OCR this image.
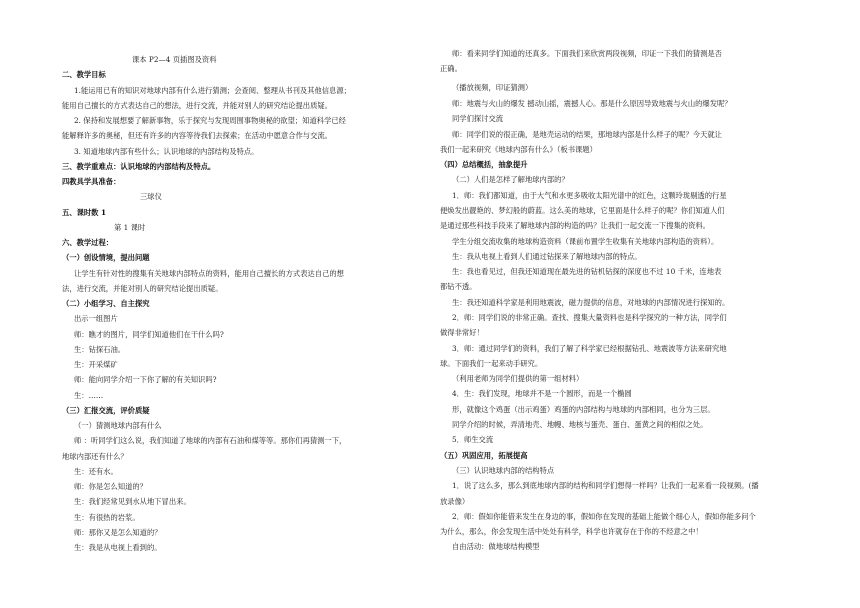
课本 P2—4 页插图及资料
二、教学目标
1.能运用已有的知识对地球内部有什么进行猜测；会查阅、整理从书刊及其他信息源；
能用自己擅长的方式表达自己的想法，进行交流，并能对别人的研究结论提出质疑。
2. 保持和发展想要了解新事物，乐于探究与发现周围事物奥秘的欲望；知道科学已经
能解释许多的奥秘，但还有许多的内容等待我们去探索；在活动中愿意合作与交流。
3. 知道地球内部有些什么；认识地球的内部结构及特点。
三、教学重难点：认识地球的内部结构及特点。
四教具学具准备：
三球仪
五、课时数 1
第 1 课时
六、教学过程：
（一）创设情境，提出问题
让学生有针对性的搜集有关地球内部特点的资料，能用自己擅长的方式表达自己的想
法，进行交流，并能对别人的研究结论提出质疑。
（二）小组学习、自主探究
出示一组图片
师：瞧才的图片，同学们知道他们在干什么吗?
生：钻探石油。
生：开采煤矿
师：能向同学介绍一下你了解的有关知识吗?
生：……
（三）汇报交流，评价质疑
（一）猜测地球内部有什么
师 ：听同学们这么说，我们知道了地球的内部有石油和煤等等。那你们再猜测一下，
地球内部还有什么？
生：还有水。
师：你是怎么知道的？
生：我们经常见到水从地下冒出来。
生：有很热的岩浆。
师：那你又是怎么知道的？
生：我是从电视上看到的。
师：看来同学们知道的还真多。下面我们来欣赏两段视频，印证一下我们的猜测是否
正确。
（播放视频，印证猜测）
师：地震与火山的爆发 撼动山摇，震撼人心。那是什么原因导致地震与火山的爆发呢？
同学们探讨交流
师：同学们说的很正确，是地壳运动的结果，那地球内部是什么样子的呢？今天就让
我们一起来研究《地球内部有什么》（板书课题）
（四）总结概括，抽象提升
（二）人们是怎样了解地球内部的？
1．师：我们都知道，由于大气和水更多吸收太阳光谱中的红色，这颗玲珑剔透的行星
便焕发出靓艳的、梦幻般的蔚蓝。这么美的地球，它里面是什么样子的呢？你们知道人们
是通过那些科技手段来了解地球内部的构造的吗？让我们一起交流一下搜集的资料。
学生分组交流收集的地球构造资料（课前布置学生收集有关地球内部构造的资料）。
生：我从电视上看到人们通过钻探来了解地球内部的特点。
生：我也看见过，但我还知道现在最先进的钻机钻探的深度也不过 10 千米，连地表
都钻不透。
生：我还知道科学家是利用地震波，磁力提供的信息，对地球的内部情况进行探知的。
2．师：同学们说的非常正确。查找、搜集大量资料也是科学探究的一种方法，同学们
做得非常好！
3．师：通过同学们的资料，我们了解了科学家已经根据钻孔、地震波等方法来研究地
球。下面我们一起来动手研究。
（利用老师为同学们提供的第一组材料）
4．生：我们发现，地球并不是一个圆形，而是一个椭圆
形，就像这个鸡蛋（出示鸡蛋）鸡蛋的内部结构与地球的内部相同，也分为三层。
同学介绍的时候，弄清地壳、地幔、地核与蛋壳、蛋白、蛋黄之间的相似之处。
5．师生交流
（五）巩固应用，拓展提高
（三）认识地球内部的结构特点
1．说了这么多，那么到底地球内部的结构和同学们想得一样吗？让我们一起来看一段视频。(播
放录像）
2．师：假如你能借来发生在身边的事，假如你在发现的基础上能做个细心人，假如你能多问个
为什么，那么，你会发现生活中处处有科学，科学也许就存在于你的不经意之中！
自由活动：做地球结构模型
